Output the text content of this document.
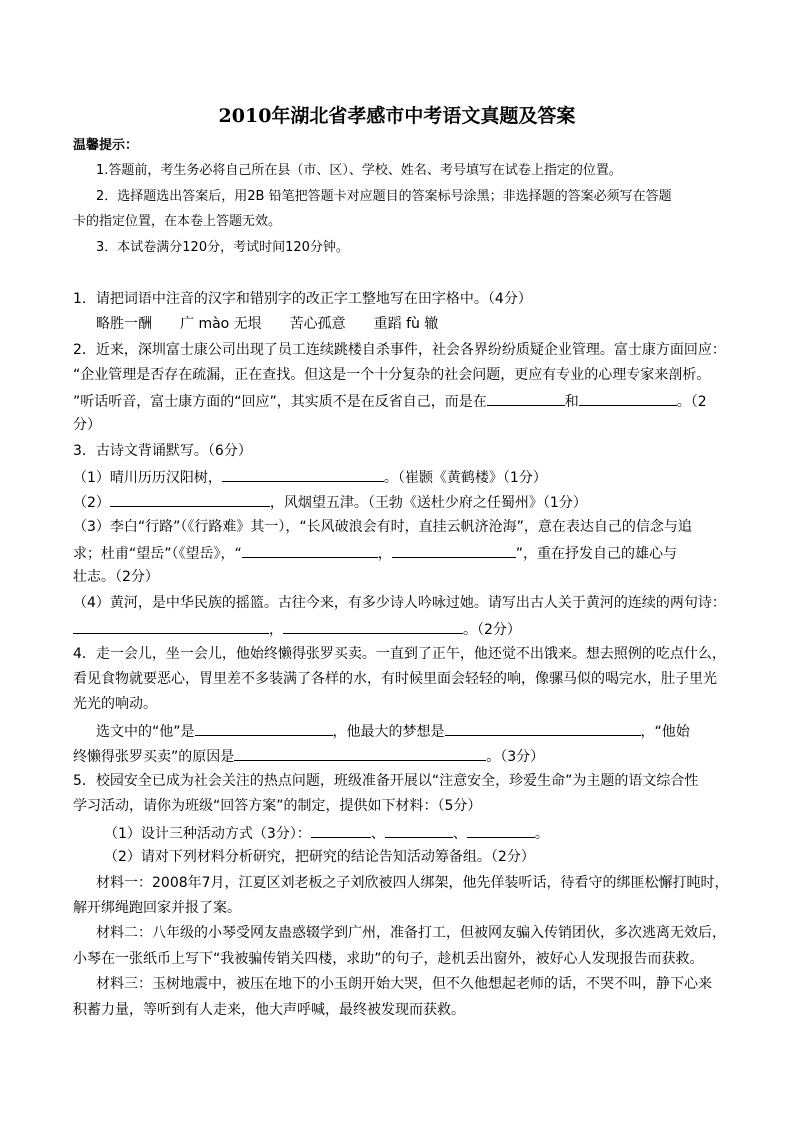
2010年湖北省孝感市中考语文真题及答案
温馨提示：
1.答题前，考生务必将自己所在县（市、区）、学校、姓名、考号填写在试卷上指定的位置。
2．选择题选出答案后，用2B 铅笔把答题卡对应题目的答案标号涂黑；非选择题的答案必须写在答题
卡的指定位置，在本卷上答题无效。
3．本试卷满分120分，考试时间120分钟。
1．请把词语中注音的汉字和错别字的改正字工整地写在田字格中。（4分）
略胜一酬　　广 mào 无垠　　苦心孤意　　重蹈 fù 辙
2．近来，深圳富士康公司出现了员工连续跳楼自杀事件，社会各界纷纷质疑企业管理。富士康方面回应：
“企业管理是否存在疏漏，正在查找。但这是一个十分复杂的社会问题，更应有专业的心理专家来剖析。
”听话听音，富士康方面的“回应”，其实质不是在反省自己，而是在	和	。（2
分）
3．古诗文背诵默写。（6分）
（1）晴川历历汉阳树，	。（崔颢《黄鹤楼》（1分）
（2）	，风烟望五津。（王勃《送杜少府之任蜀州》（1分）
（3）李白“行路”（《行路难》其一），“长风破浪会有时，直挂云帆济沧海”，意在表达自己的信念与追
求；杜甫“望岳”（《望岳》，“	，	”，重在抒发自己的雄心与
壮志。（2分）
（4）黄河，是中华民族的摇篮。古往今来，有多少诗人吟咏过她。请写出古人关于黄河的连续的两句诗：
，	。（2分）
4．走一会儿，坐一会儿，他始终懒得张罗买卖。一直到了正午，他还觉不出饿来。想去照例的吃点什么，
看见食物就要恶心，胃里差不多装满了各样的水，有时候里面会轻轻的响，像骡马似的喝完水，肚子里光
光光的响动。
选文中的“他”是	，他最大的梦想是	，“他始
终懒得张罗买卖”的原因是	。（3分）
5．校园安全已成为社会关注的热点问题，班级准备开展以“注意安全，珍爱生命”为主题的语文综合性
学习活动，请你为班级“回答方案”的制定，提供如下材料：（5分）
（1）设计三种活动方式（3分）：	、	、	。
（2）请对下列材料分析研究，把研究的结论告知活动筹备组。（2分）
材料一：2008年7月，江夏区刘老板之子刘欣被四人绑架，他先佯装听话，待看守的绑匪松懈打盹时，
解开绑绳跑回家并报了案。
材料二：八年级的小琴受网友蛊惑辍学到广州，准备打工，但被网友骗入传销团伙，多次逃离无效后，
小琴在一张纸币上写下“我被骗传销关四楼，求助”的句子，趁机丢出窗外，被好心人发现报告而获救。
材料三：玉树地震中，被压在地下的小玉朗开始大哭，但不久他想起老师的话，不哭不叫，静下心来
积蓄力量，等听到有人走来，他大声呼喊，最终被发现而获救。
